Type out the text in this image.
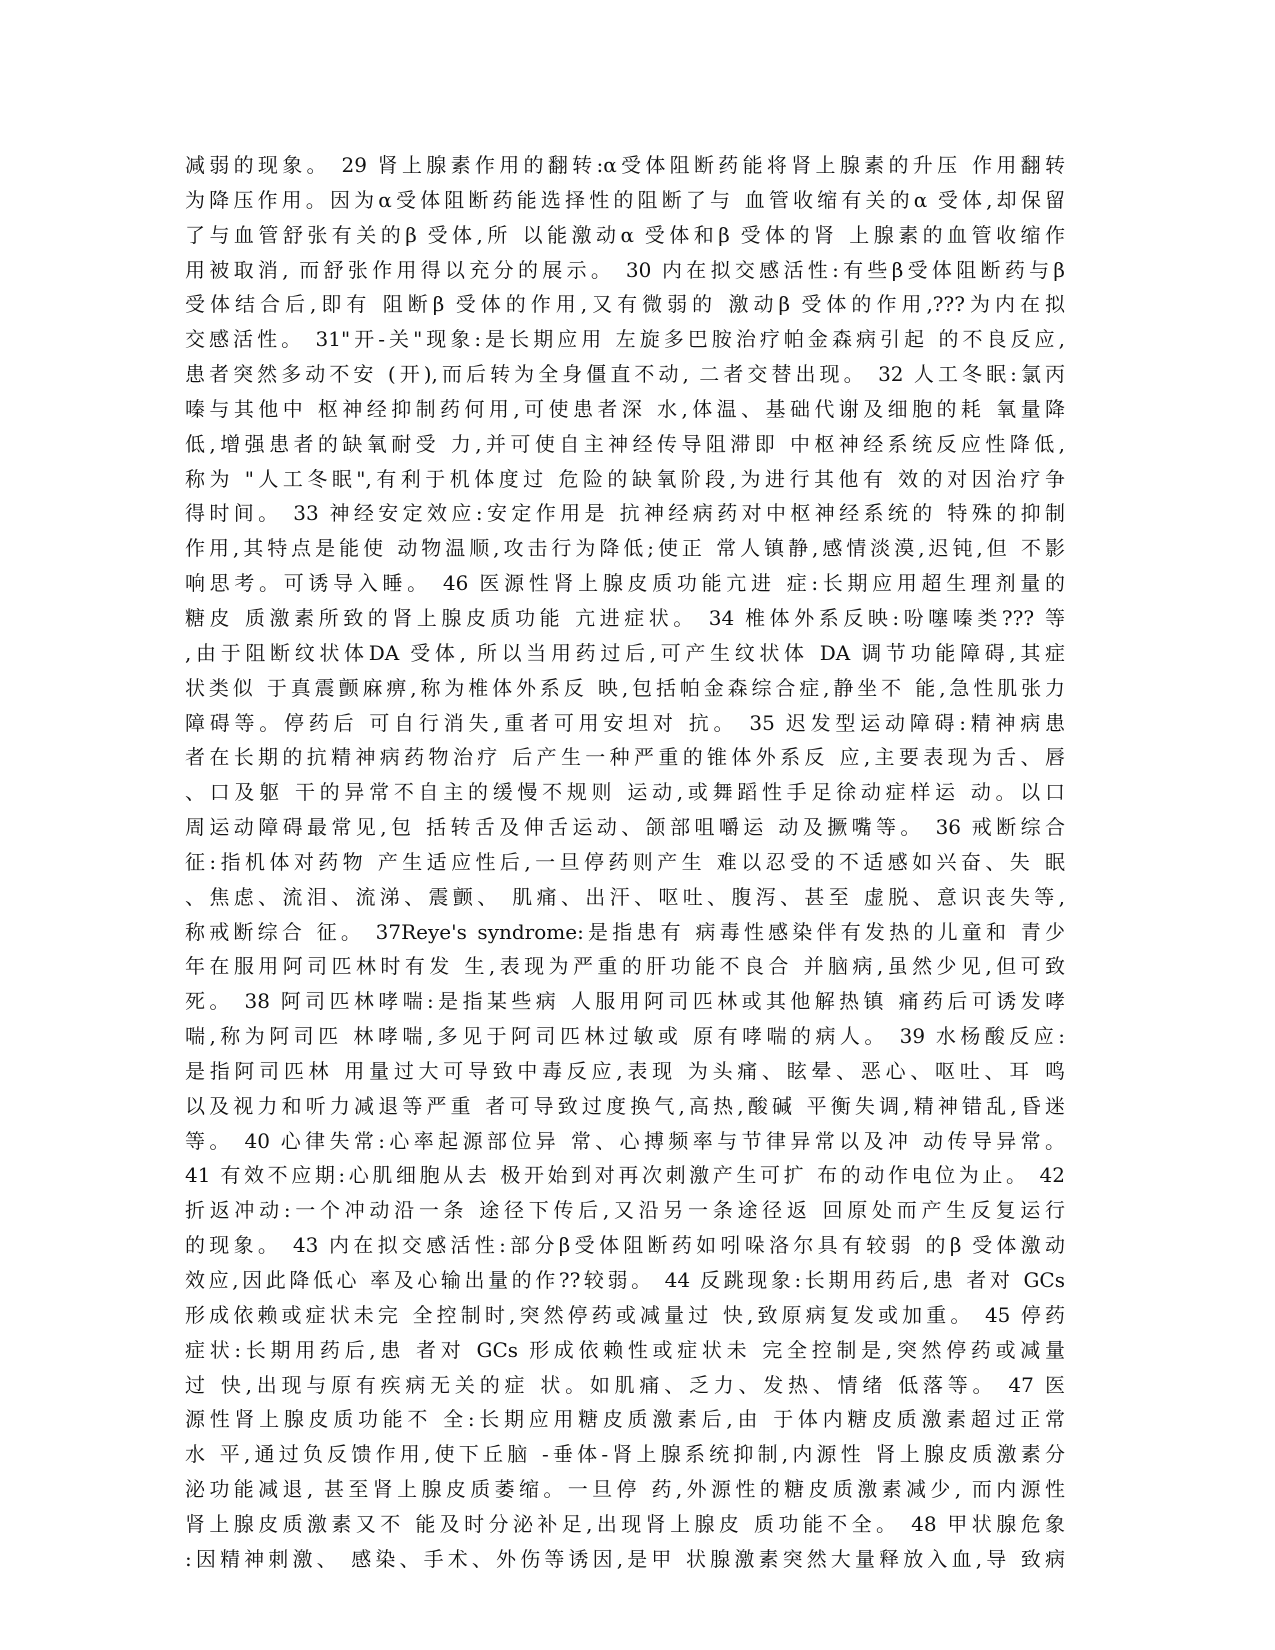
减弱的现象。 29 肾上腺素作用的翻转:α受体阻断药能将肾上腺素的升压 作用翻转
为降压作用。因为α受体阻断药能选择性的阻断了与 血管收缩有关的α 受体,却保留
了与血管舒张有关的β 受体,所 以能激动α 受体和β 受体的肾 上腺素的血管收缩作
用被取消, 而舒张作用得以充分的展示。 30 内在拟交感活性:有些β受体阻断药与β
受体结合后,即有 阻断β 受体的作用,又有微弱的 激动β 受体的作用,???为内在拟
交感活性。 31"开-关"现象:是长期应用 左旋多巴胺治疗帕金森病引起 的不良反应,
患者突然多动不安 (开),而后转为全身僵直不动, 二者交替出现。 32 人工冬眠:氯丙
嗪与其他中 枢神经抑制药何用,可使患者深 水,体温、基础代谢及细胞的耗 氧量降
低,增强患者的缺氧耐受 力,并可使自主神经传导阻滞即 中枢神经系统反应性降低,
称为 "人工冬眠",有利于机体度过 危险的缺氧阶段,为进行其他有 效的对因治疗争
得时间。 33 神经安定效应:安定作用是 抗神经病药对中枢神经系统的 特殊的抑制
作用,其特点是能使 动物温顺,攻击行为降低;使正 常人镇静,感情淡漠,迟钝,但 不影
响思考。可诱导入睡。 46 医源性肾上腺皮质功能亢进 症:长期应用超生理剂量的
糖皮 质激素所致的肾上腺皮质功能 亢进症状。 34 椎体外系反映:吩噻嗪类??? 等
,由于阻断纹状体DA 受体, 所以当用药过后,可产生纹状体 DA 调节功能障碍,其症
状类似 于真震颤麻痹,称为椎体外系反 映,包括帕金森综合症,静坐不 能,急性肌张力
障碍等。停药后 可自行消失,重者可用安坦对 抗。 35 迟发型运动障碍:精神病患
者在长期的抗精神病药物治疗 后产生一种严重的锥体外系反 应,主要表现为舌、唇
、口及躯 干的异常不自主的缓慢不规则 运动,或舞蹈性手足徐动症样运 动。以口
周运动障碍最常见,包 括转舌及伸舌运动、颌部咀嚼运 动及撅嘴等。 36 戒断综合
征:指机体对药物 产生适应性后,一旦停药则产生 难以忍受的不适感如兴奋、失 眠
、焦虑、流泪、流涕、震颤、 肌痛、出汗、呕吐、腹泻、甚至 虚脱、意识丧失等,
称戒断综合 征。 37Reye's syndrome:是指患有 病毒性感染伴有发热的儿童和 青少
年在服用阿司匹林时有发 生,表现为严重的肝功能不良合 并脑病,虽然少见,但可致
死。 38 阿司匹林哮喘:是指某些病 人服用阿司匹林或其他解热镇 痛药后可诱发哮
喘,称为阿司匹 林哮喘,多见于阿司匹林过敏或 原有哮喘的病人。 39 水杨酸反应:
是指阿司匹林 用量过大可导致中毒反应,表现 为头痛、眩晕、恶心、呕吐、耳 鸣
以及视力和听力减退等严重 者可导致过度换气,高热,酸碱 平衡失调,精神错乱,昏迷
等。 40 心律失常:心率起源部位异 常、心搏频率与节律异常以及冲 动传导异常。
41 有效不应期:心肌细胞从去 极开始到对再次刺激产生可扩 布的动作电位为止。 42
折返冲动:一个冲动沿一条 途径下传后,又沿另一条途径返 回原处而产生反复运行
的现象。 43 内在拟交感活性:部分β受体阻断药如吲哚洛尔具有较弱 的β 受体激动
效应,因此降低心 率及心输出量的作??较弱。 44 反跳现象:长期用药后,患 者对 GCs
形成依赖或症状未完 全控制时,突然停药或减量过 快,致原病复发或加重。 45 停药
症状:长期用药后,患 者对 GCs 形成依赖性或症状未 完全控制是,突然停药或减量
过 快,出现与原有疾病无关的症 状。如肌痛、乏力、发热、情绪 低落等。 47 医
源性肾上腺皮质功能不 全:长期应用糖皮质激素后,由 于体内糖皮质激素超过正常
水 平,通过负反馈作用,使下丘脑 -垂体-肾上腺系统抑制,内源性 肾上腺皮质激素分
泌功能减退, 甚至肾上腺皮质萎缩。一旦停 药,外源性的糖皮质激素减少, 而内源性
肾上腺皮质激素又不 能及时分泌补足,出现肾上腺皮 质功能不全。 48 甲状腺危象
:因精神刺激、 感染、手术、外伤等诱因,是甲 状腺激素突然大量释放入血,导 致病
